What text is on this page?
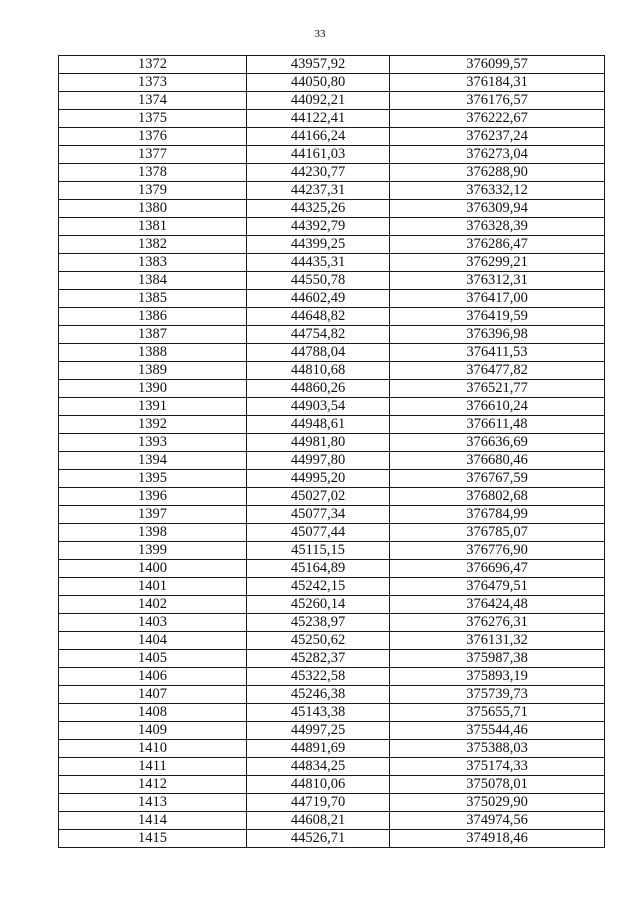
33
1372	43957,92	376099,57
1373	44050,80	376184,31
1374	44092,21	376176,57
1375	44122,41	376222,67
1376	44166,24	376237,24
1377	44161,03	376273,04
1378	44230,77	376288,90
1379	44237,31	376332,12
1380	44325,26	376309,94
1381	44392,79	376328,39
1382	44399,25	376286,47
1383	44435,31	376299,21
1384	44550,78	376312,31
1385	44602,49	376417,00
1386	44648,82	376419,59
1387	44754,82	376396,98
1388	44788,04	376411,53
1389	44810,68	376477,82
1390	44860,26	376521,77
1391	44903,54	376610,24
1392	44948,61	376611,48
1393	44981,80	376636,69
1394	44997,80	376680,46
1395	44995,20	376767,59
1396	45027,02	376802,68
1397	45077,34	376784,99
1398	45077,44	376785,07
1399	45115,15	376776,90
1400	45164,89	376696,47
1401	45242,15	376479,51
1402	45260,14	376424,48
1403	45238,97	376276,31
1404	45250,62	376131,32
1405	45282,37	375987,38
1406	45322,58	375893,19
1407	45246,38	375739,73
1408	45143,38	375655,71
1409	44997,25	375544,46
1410	44891,69	375388,03
1411	44834,25	375174,33
1412	44810,06	375078,01
1413	44719,70	375029,90
1414	44608,21	374974,56
1415	44526,71	374918,46
